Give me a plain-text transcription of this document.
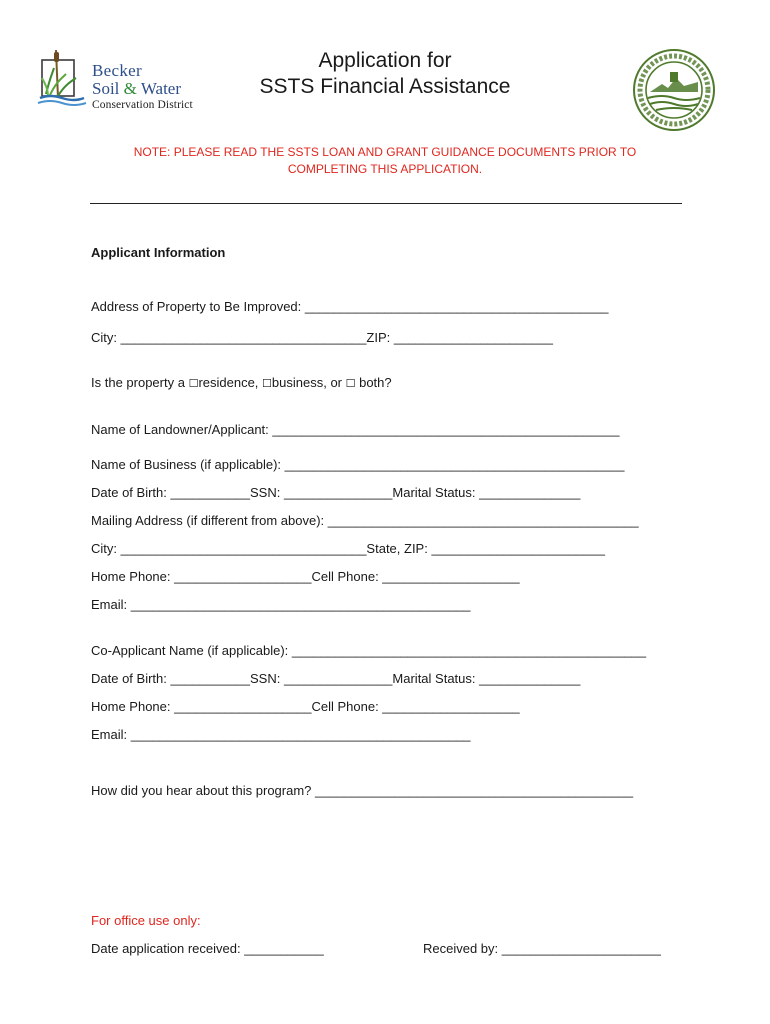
Becker
Soil & Water
Conservation District
Application for
SSTS Financial Assistance
NOTE: PLEASE READ THE SSTS LOAN AND GRANT GUIDANCE DOCUMENTS PRIOR TO
COMPLETING THIS APPLICATION.
Applicant Information
Address of Property to Be Improved: __________________________________________
City: __________________________________ZIP: ______________________
Is the property a ☐residence, ☐business, or ☐ both?
Name of Landowner/Applicant: ________________________________________________
Name of Business (if applicable): _______________________________________________
Date of Birth: ___________SSN: _______________Marital Status: ______________
Mailing Address (if different from above): ___________________________________________
City: __________________________________State, ZIP: ________________________
Home Phone: ___________________Cell Phone: ___________________
Email: _______________________________________________
Co-Applicant Name (if applicable): _________________________________________________
Date of Birth: ___________SSN: _______________Marital Status: ______________
Home Phone: ___________________Cell Phone: ___________________
Email: _______________________________________________
How did you hear about this program? ____________________________________________
For office use only:
Date application received: ___________	Received by: ______________________
